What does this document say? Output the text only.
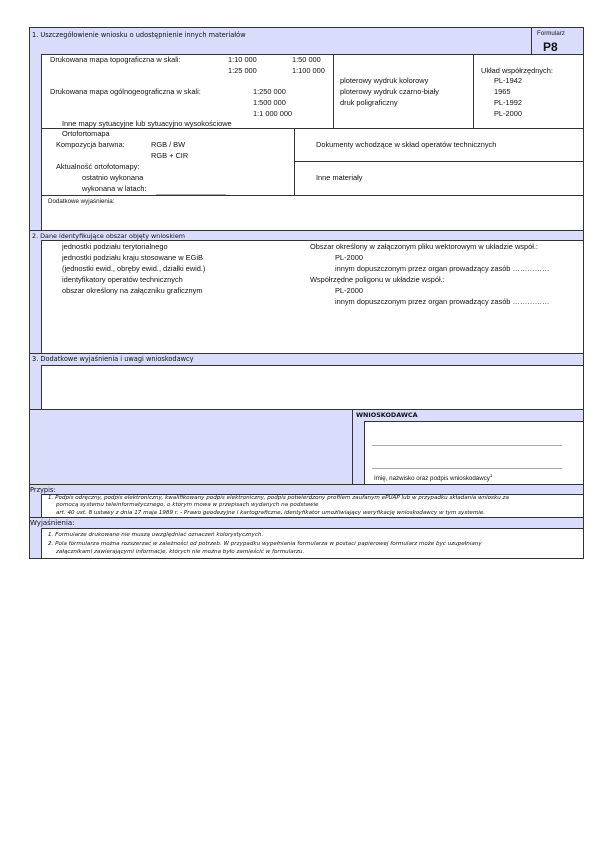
1. Uszczegółowienie wniosku o udostępnienie innych materiałów	Formularz
P8
Drukowana mapa topograficzna w skali:	1:10 000	1:50 000
1:25 000	1:100 000
Drukowana mapa ogólnogeograficzna w skali:	1:250 000
1:500 000
1:1 000 000
ploterowy wydruk kolorowy
ploterowy wydruk czarno-biały
druk poligraficzny
Układ współrzędnych:
PL-1942
1965
PL-1992
PL-2000
Inne mapy sytuacyjne lub sytuacyjno wysokościowe
Ortofortomapa
Kompozycja barwna:	RGB / BW
RGB + CIR
Aktualność ortofotomapy:
ostatnio wykonana
wykonana w latach:
Dokumenty wchodzące w skład operatów technicznych
Inne materiały
Dodatkowe wyjaśnienia:
2. Dane identyfikujące obszar objęty wnioskiem
jednostki podziału terytorialnego
jednostki podziału kraju stosowane w EGiB
(jednostki ewid., obręby ewid., działki ewid.)
identyfikatory operatów technicznych
obszar określony na załączniku graficznym
Obszar określony w załączonym pliku wektorowym w układzie współ.:
PL-2000
innym dopuszczonym przez organ prowadzący zasób ……………
Współrzędne poligonu w układzie współ.:
PL-2000
innym dopuszczonym przez organ prowadzący zasób ……………
3. Dodatkowe wyjaśnienia i uwagi wnioskodawcy
WNIOSKODAWCA
Imię, nazwisko oraz podpis wnioskodawcy$^1$
Przypis:
1. Podpis odręczny, podpis elektroniczny, kwalifikowany podpis elektroniczny, podpis potwierdzony profilem zaufanym ePUAP lub w przypadku składania wniosku za
pomocą systemu teleinformatycznego, o którym mowa w przepisach wydanych na podstawie
art. 40 ust. 8 ustawy z dnia 17 maja 1989 r. - Prawo geodezyjne i kartograficzne, identyfikator umożliwiający weryfikację wnioskodawcy w tym systemie.
Wyjaśnienia:
1. Formularze drukowane nie muszą uwzględniać oznaczeń kolorystycznych.
2. Pola formularza można rozszerzać w zależności od potrzeb. W przypadku wypełniania formularza w postaci papierowej formularz może być uzupełniany
załącznikami zawierającymi informacje, których nie można było zamieścić w formularzu.
